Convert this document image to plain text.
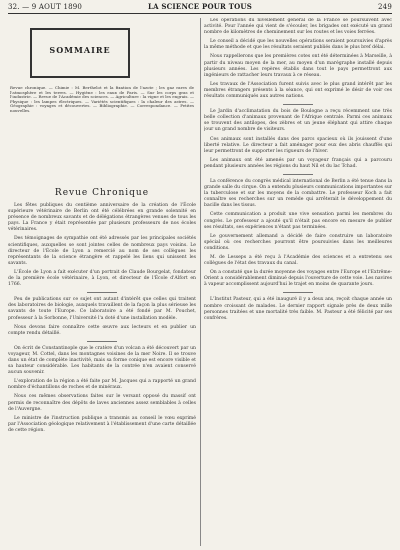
32. — 9 AOUT 1890	LA SCIENCE POUR TOUS	249
SOMMAIRE
Revue chronique. — Chimie : M. Berthelot et la fixation de l'azote ; les gaz rares de l'atmosphère et les terres. — Hygiène : les eaux de Paris. — Sur les corps gras et l'industrie. — Revue de l'Académie des sciences. — Agriculture : la vigne et les engrais. — Physique : les lampes électriques. — Variétés scientifiques : la chaleur des astres. — Géographie : voyages et découvertes. — Bibliographie. — Correspondance. — Petites nouvelles.
Revue Chronique

Les fêtes publiques du centième anniversaire de la création de l'École supérieure vétérinaire de Berlin ont été célébrées en grande solennité en présence de nombreux savants et de délégations étrangères venues de tous les pays. La France y était représentée par plusieurs professeurs de nos écoles vétérinaires.

Des témoignages de sympathie ont été adressés par les principales sociétés scientifiques, auxquelles se sont jointes celles de nombreux pays voisins. Le directeur de l'École de Lyon a remercié au nom de ses collègues les représentants de la science étrangère et rappelé les liens qui unissent les savants.

L'École de Lyon a fait exécuter d'un portrait de Claude Bourgelat, fondateur de la première école vétérinaire, à Lyon, et directeur de l'École d'Alfort en 1766.

Peu de publications sur ce sujet ont autant d'intérêt que celles qui traitent des laboratoires de biologie, auxquels travaillent de la façon la plus sérieuse les savants de toute l'Europe. Ce laboratoire a été fondé par M. Pouchet, professeur à la Sorbonne, l'Université l'a doté d'une installation modèle.

Nous devons faire connaître cette œuvre aux lecteurs et en publier un compte rendu détaillé.

On écrit de Constantinople que le cratère d'un volcan a été découvert par un voyageur, M. Cottel, dans les montagnes voisines de la mer Noire. Il se trouve dans un état de complète inactivité, mais sa forme conique est encore visible et sa hauteur considérable. Les habitants de la contrée n'en avaient conservé aucun souvenir.

L'exploration de la région a été faite par M. Jacques qui a rapporté un grand nombre d'échantillons de roches et de minéraux.

Nous ces mêmes observations faites sur le versant opposé du massif ont permis de reconnaître des dépôts de laves anciennes assez semblables à celles de l'Auvergne.

Le ministre de l'instruction publique a transmis au conseil le vœu exprimé par l'Association géologique relativement à l'établissement d'une carte détaillée de cette région.

Les opérations du nivellement général de la France se poursuivent avec activité. Pour l'année qui vient de s'écouler, les brigades ont exécuté un grand nombre de kilomètres de cheminement sur les routes et les voies ferrées.

Le conseil a décidé que les nouvelles opérations seraient poursuivies d'après la même méthode et que les résultats seraient publiés dans le plus bref délai.

Nous rappellerons que les premières cotes ont été déterminées à Marseille, à partir du niveau moyen de la mer, au moyen d'un marégraphe installé depuis plusieurs années. Les repères établis dans tout le pays permettront aux ingénieurs de rattacher leurs travaux à ce réseau.

Les travaux de l'Association furent suivis avec le plus grand intérêt par les membres étrangers présents à la séance, qui ont exprimé le désir de voir ces résultats communiqués aux autres nations.

Le Jardin d'acclimatation du bois de Boulogne a reçu récemment une très belle collection d'animaux provenant de l'Afrique centrale. Parmi ces animaux se trouvent des antilopes, des zèbres et un jeune éléphant qui attire chaque jour un grand nombre de visiteurs.

Ces animaux sont installés dans des parcs spacieux où ils jouissent d'une liberté relative. Le directeur a fait aménager pour eux des abris chauffés qui leur permettront de supporter les rigueurs de l'hiver.

Les animaux ont été amenés par un voyageur français qui a parcouru pendant plusieurs années les régions du haut Nil et du lac Tchad.

La conférence du congrès médical international de Berlin a été tenue dans la grande salle du cirque. On a entendu plusieurs communications importantes sur la tuberculose et sur les moyens de la combattre. Le professeur Koch a fait connaître ses recherches sur un remède qui arrêterait le développement du bacille dans les tissus.

Cette communication a produit une vive sensation parmi les membres du congrès. Le professeur a ajouté qu'il n'était pas encore en mesure de publier ses résultats, ses expériences n'étant pas terminées.

Le gouvernement allemand a décidé de faire construire un laboratoire spécial où ces recherches pourront être poursuivies dans les meilleures conditions.

M. de Lesseps a été reçu à l'Académie des sciences et a entretenu ses collègues de l'état des travaux du canal.

On a constaté que la durée moyenne des voyages entre l'Europe et l'Extrême-Orient a considérablement diminué depuis l'ouverture de cette voie. Les navires à vapeur accomplissent aujourd'hui le trajet en moins de quarante jours.

L'Institut Pasteur, qui a été inauguré il y a deux ans, reçoit chaque année un nombre croissant de malades. Le dernier rapport signale près de deux mille personnes traitées et une mortalité très faible. M. Pasteur a été félicité par ses confrères.
